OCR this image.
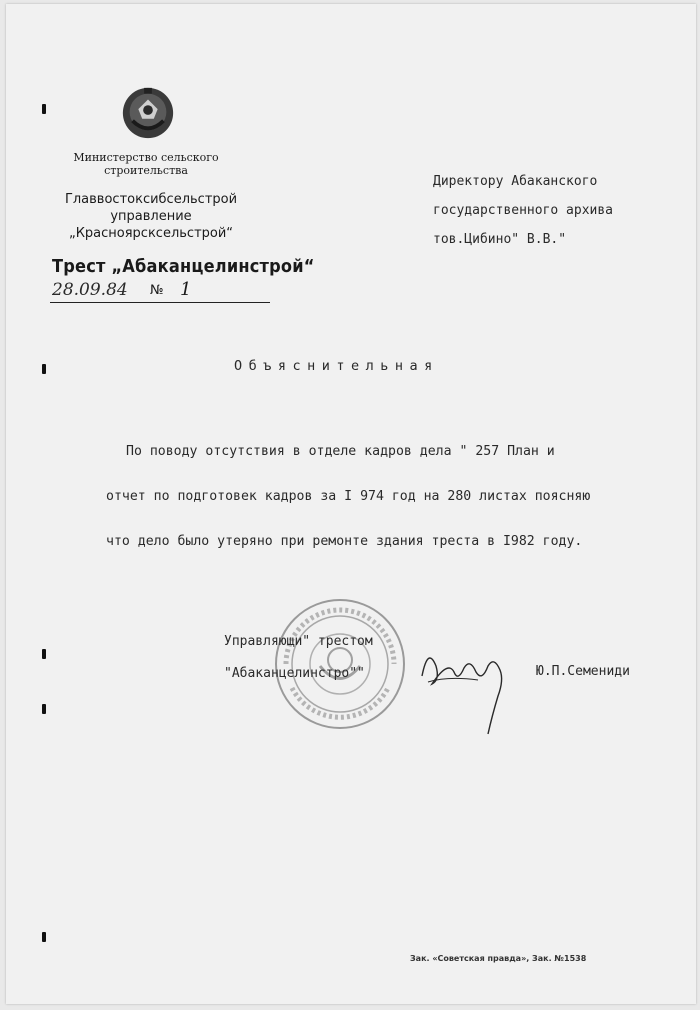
Министерство сельского
строительства
Главвостоксибсельстрой
управление
„Красноярсксельстрой“
Трест „Абаканцелинстрой“
28.09.84 № 1
Директору Абаканского
государственного архива
тов.Цибино" В.В."
Объяснительная
По поводу отсутствия в отделе кадров дела " 257 План и
отчет по подготовек кадров за I 974 год на 280 листах поясняю
что дело было утеряно при ремонте здания треста в I982 году.
Управляющи" трестом
"Абаканцелинстро""	Ю.П.Семениди
Зак. «Советская правда», Зак. №1538
